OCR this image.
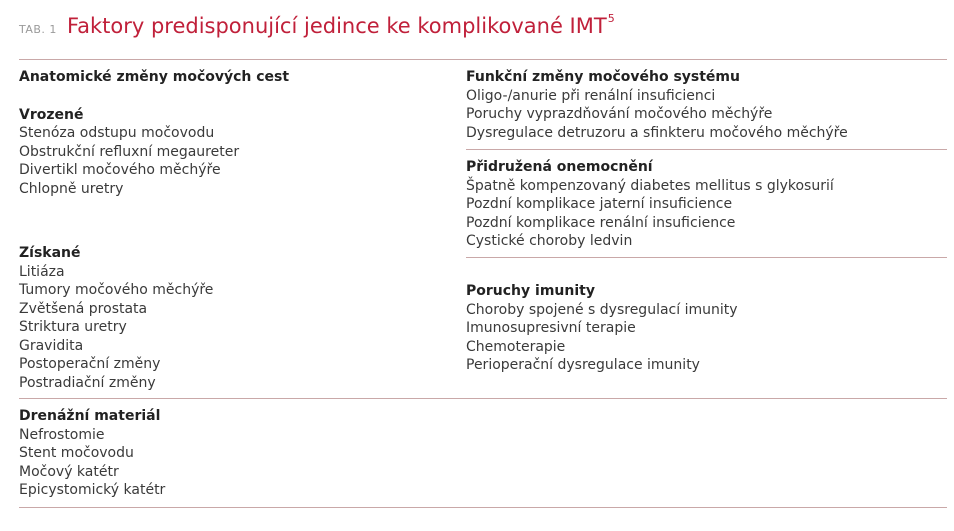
TAB. 1 Faktory predisponující jedince ke komplikované IMT$^5$
Anatomické změny močových cest
Vrozené
Stenóza odstupu močovodu
Obstrukční refluxní megaureter
Divertikl močového měchýře
Chlopně uretry
Získané
Litiáza
Tumory močového měchýře
Zvětšená prostata
Striktura uretry
Gravidita
Postoperační změny
Postradiační změny
Drenážní materiál
Nefrostomie
Stent močovodu
Močový katétr
Epicystomický katétr
Funkční změny močového systému
Oligo-/anurie při renální insuficienci
Poruchy vyprazdňování močového měchýře
Dysregulace detruzoru a sfinkteru močového měchýře
Přidružená onemocnění
Špatně kompenzovaný diabetes mellitus s glykosurií
Pozdní komplikace jaterní insuficience
Pozdní komplikace renální insuficience
Cystické choroby ledvin
Poruchy imunity
Choroby spojené s dysregulací imunity
Imunosupresivní terapie
Chemoterapie
Perioperační dysregulace imunity
